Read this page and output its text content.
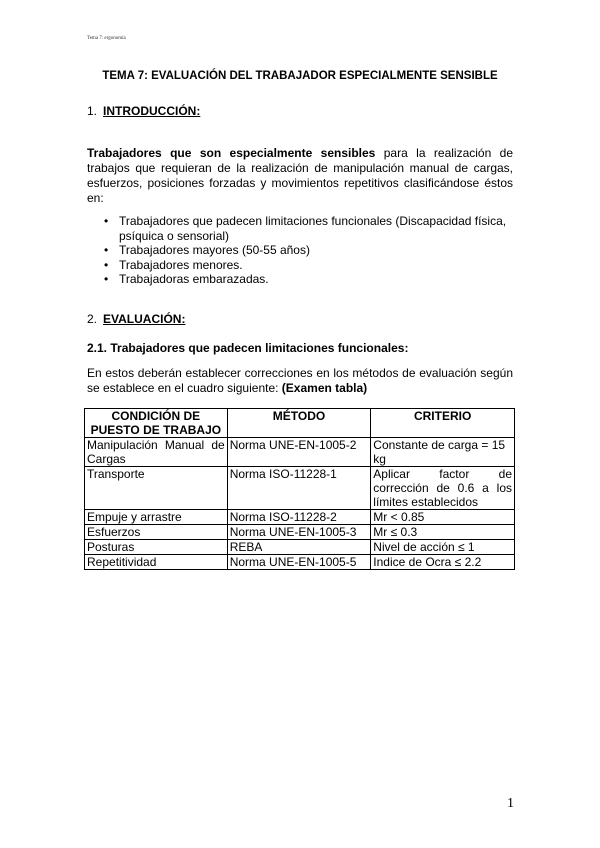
Tema 7: ergonomía
TEMA 7: EVALUACIÓN DEL TRABAJADOR ESPECIALMENTE SENSIBLE
1. INTRODUCCIÓN:
Trabajadores que son especialmente sensibles para la realización de trabajos que requieran de la realización de manipulación manual de cargas, esfuerzos, posiciones forzadas y movimientos repetitivos clasificándose éstos en:
• Trabajadores que padecen limitaciones funcionales (Discapacidad física, psíquica o sensorial)
• Trabajadores mayores (50-55 años)
• Trabajadores menores.
• Trabajadoras embarazadas.
2. EVALUACIÓN:
2.1. Trabajadores que padecen limitaciones funcionales:
En estos deberán establecer correcciones en los métodos de evaluación según se establece en el cuadro siguiente: (Examen tabla)
CONDICIÓN DE PUESTO DE TRABAJO	MÉTODO	CRITERIO
Manipulación Manual de Cargas	Norma UNE-EN-1005-2	Constante de carga = 15 kg
Transporte	Norma ISO-11228-1	Aplicar factor de corrección de 0.6 a los límites establecidos
Empuje y arrastre	Norma ISO-11228-2	Mr < 0.85
Esfuerzos	Norma UNE-EN-1005-3	Mr ≤ 0.3
Posturas	REBA	Nivel de acción ≤ 1
Repetitividad	Norma UNE-EN-1005-5	Indice de Ocra ≤ 2.2
1
